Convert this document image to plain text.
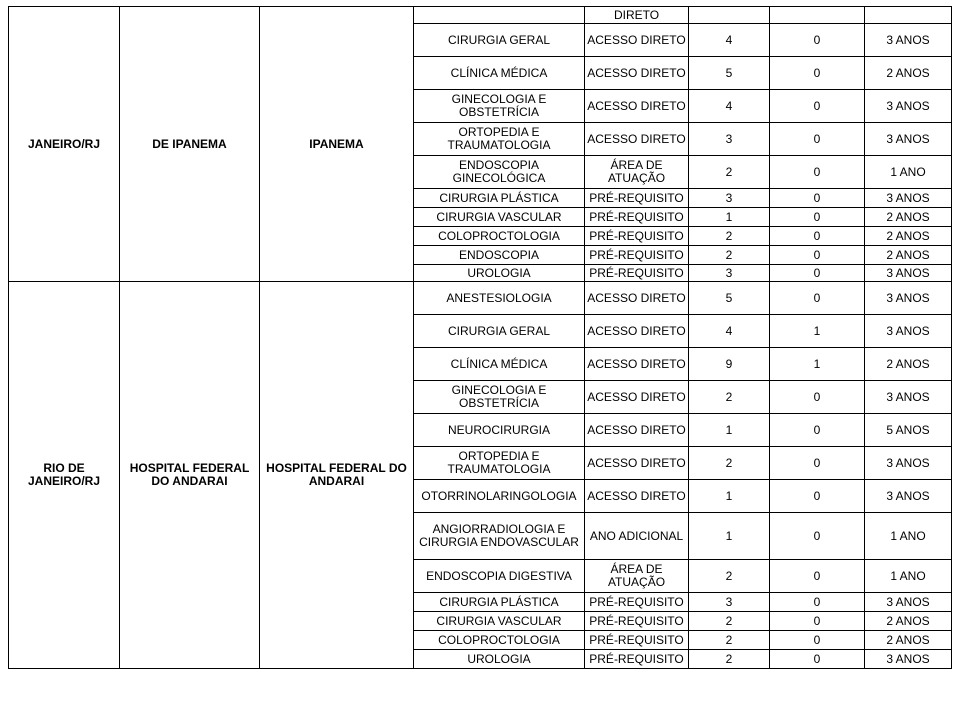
JANEIRO/RJ	DE IPANEMA	IPANEMA		DIRETO			
			CIRURGIA GERAL	ACESSO DIRETO	4	0	3 ANOS
			CLÍNICA MÉDICA	ACESSO DIRETO	5	0	2 ANOS
			GINECOLOGIA E OBSTETRÍCIA	ACESSO DIRETO	4	0	3 ANOS
			ORTOPEDIA E TRAUMATOLOGIA	ACESSO DIRETO	3	0	3 ANOS
			ENDOSCOPIA GINECOLÓGICA	ÁREA DE ATUAÇÃO	2	0	1 ANO
			CIRURGIA PLÁSTICA	PRÉ-REQUISITO	3	0	3 ANOS
			CIRURGIA VASCULAR	PRÉ-REQUISITO	1	0	2 ANOS
			COLOPROCTOLOGIA	PRÉ-REQUISITO	2	0	2 ANOS
			ENDOSCOPIA	PRÉ-REQUISITO	2	0	2 ANOS
			UROLOGIA	PRÉ-REQUISITO	3	0	3 ANOS
RIO DE JANEIRO/RJ	HOSPITAL FEDERAL DO ANDARAI	HOSPITAL FEDERAL DO ANDARAI	ANESTESIOLOGIA	ACESSO DIRETO	5	0	3 ANOS
			CIRURGIA GERAL	ACESSO DIRETO	4	1	3 ANOS
			CLÍNICA MÉDICA	ACESSO DIRETO	9	1	2 ANOS
			GINECOLOGIA E OBSTETRÍCIA	ACESSO DIRETO	2	0	3 ANOS
			NEUROCIRURGIA	ACESSO DIRETO	1	0	5 ANOS
			ORTOPEDIA E TRAUMATOLOGIA	ACESSO DIRETO	2	0	3 ANOS
			OTORRINOLARINGOLOGIA	ACESSO DIRETO	1	0	3 ANOS
			ANGIORRADIOLOGIA E CIRURGIA ENDOVASCULAR	ANO ADICIONAL	1	0	1 ANO
			ENDOSCOPIA DIGESTIVA	ÁREA DE ATUAÇÃO	2	0	1 ANO
			CIRURGIA PLÁSTICA	PRÉ-REQUISITO	3	0	3 ANOS
			CIRURGIA VASCULAR	PRÉ-REQUISITO	2	0	2 ANOS
			COLOPROCTOLOGIA	PRÉ-REQUISITO	2	0	2 ANOS
			UROLOGIA	PRÉ-REQUISITO	2	0	3 ANOS
